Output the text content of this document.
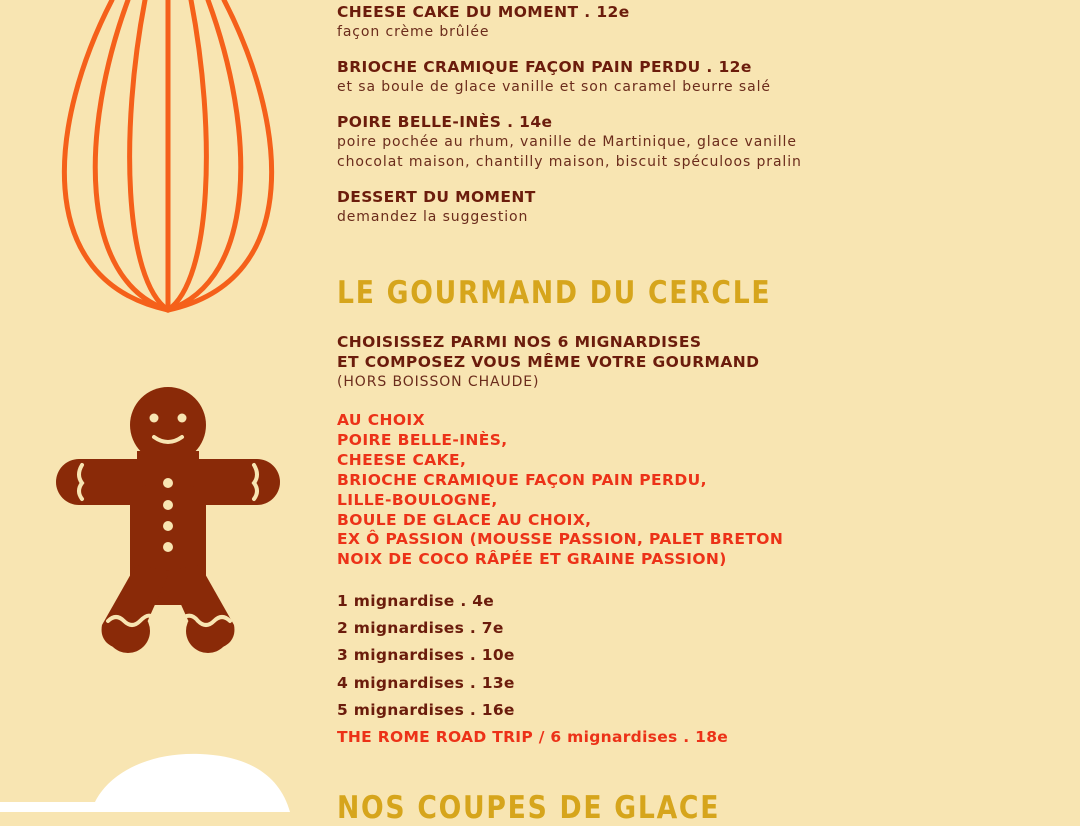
CHEESE CAKE DU MOMENT . 12e
façon crème brûlée
BRIOCHE CRAMIQUE FAÇON PAIN PERDU . 12e
et sa boule de glace vanille et son caramel beurre salé
POIRE BELLE-INÈS . 14e
poire pochée au rhum, vanille de Martinique, glace vanille
chocolat maison, chantilly maison, biscuit spéculoos pralin
DESSERT DU MOMENT
demandez la suggestion
LE GOURMAND DU CERCLE
CHOISISSEZ PARMI NOS 6 MIGNARDISES
ET COMPOSEZ VOUS MÊME VOTRE GOURMAND
(HORS BOISSON CHAUDE)
AU CHOIX
POIRE BELLE-INÈS,
CHEESE CAKE,
BRIOCHE CRAMIQUE FAÇON PAIN PERDU,
LILLE-BOULOGNE,
BOULE DE GLACE AU CHOIX,
EX Ô PASSION (MOUSSE PASSION, PALET BRETON
NOIX DE COCO RÂPÉE ET GRAINE PASSION)
1 mignardise . 4e
2 mignardises . 7e
3 mignardises . 10e
4 mignardises . 13e
5 mignardises . 16e
THE ROME ROAD TRIP / 6 mignardises . 18e
NOS COUPES DE GLACE
